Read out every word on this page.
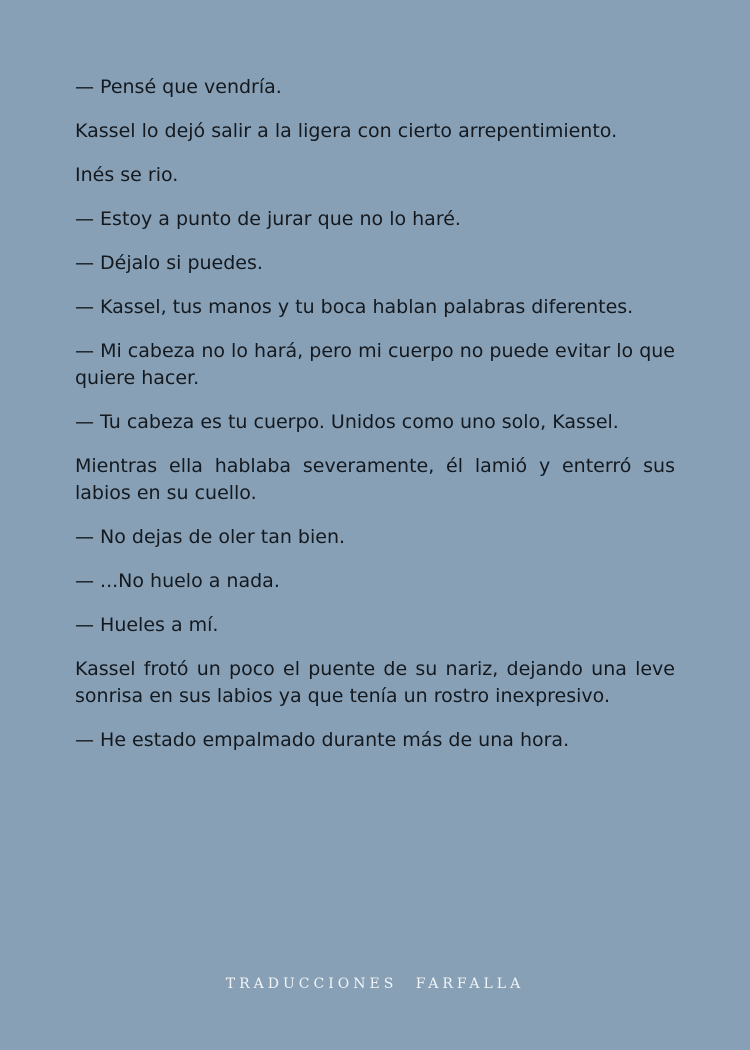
— Pensé que vendría.

Kassel lo dejó salir a la ligera con cierto arrepentimiento.

Inés se rio.

— Estoy a punto de jurar que no lo haré.

— Déjalo si puedes.

— Kassel, tus manos y tu boca hablan palabras diferentes.

— Mi cabeza no lo hará, pero mi cuerpo no puede evitar lo que quiere hacer.

— Tu cabeza es tu cuerpo. Unidos como uno solo, Kassel.

Mientras ella hablaba severamente, él lamió y enterró sus labios en su cuello.

— No dejas de oler tan bien.

— ...No huelo a nada.

— Hueles a mí.

Kassel frotó un poco el puente de su nariz, dejando una leve sonrisa en sus labios ya que tenía un rostro inexpresivo.

— He estado empalmado durante más de una hora.

TRADUCCIONES FARFALLA
